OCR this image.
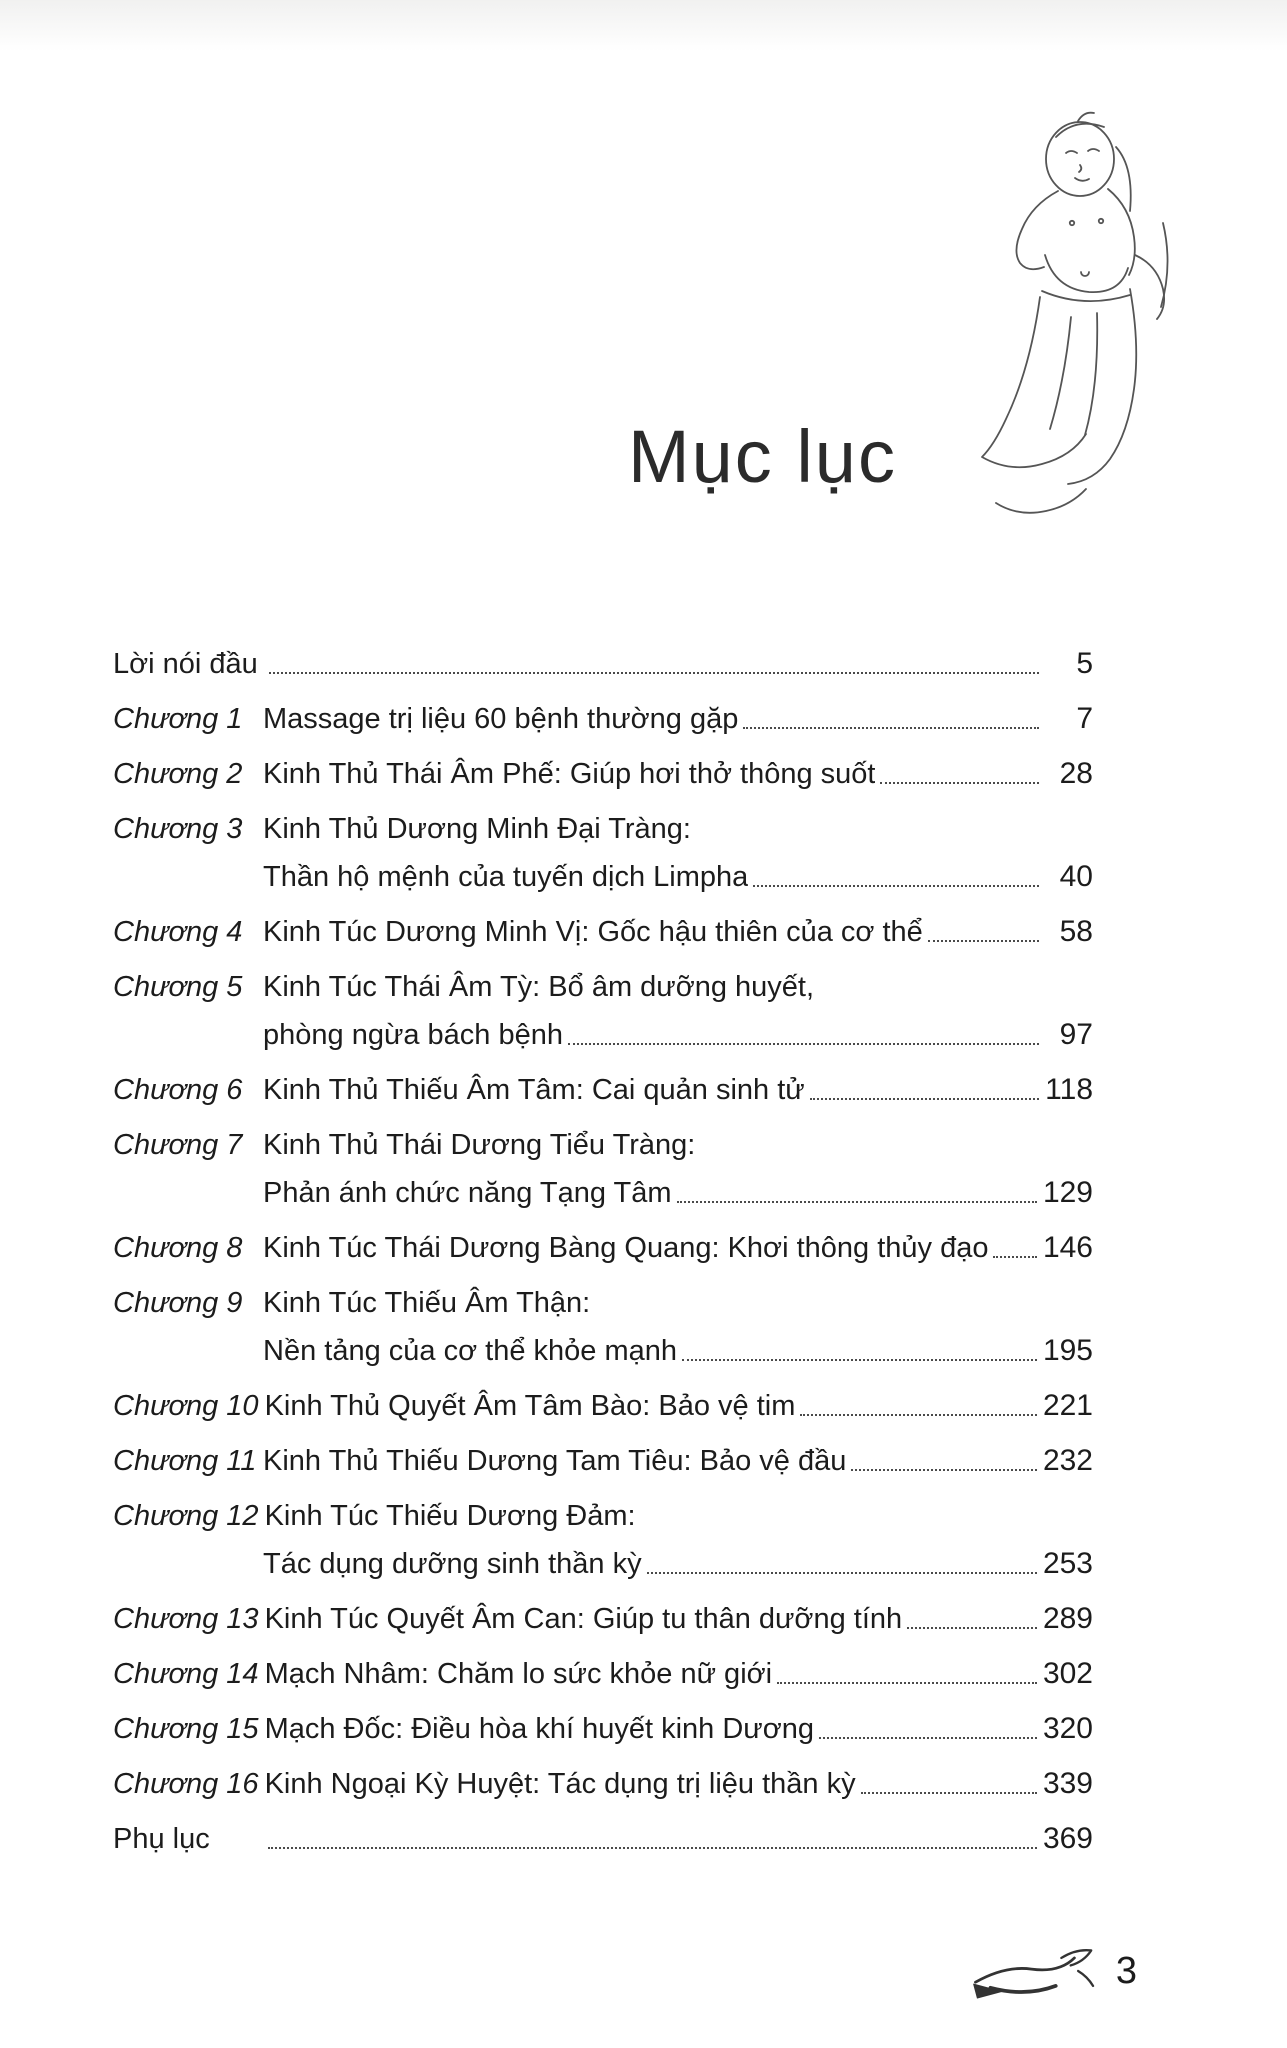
Mục lục
Lời nói đầu	5
Chương 1 Massage trị liệu 60 bệnh thường gặp	7
Chương 2 Kinh Thủ Thái Âm Phế: Giúp hơi thở thông suốt	28
Chương 3 Kinh Thủ Dương Minh Đại Tràng:
Thần hộ mệnh của tuyến dịch Limpha	40
Chương 4 Kinh Túc Dương Minh Vị: Gốc hậu thiên của cơ thể	58
Chương 5 Kinh Túc Thái Âm Tỳ: Bổ âm dưỡng huyết,
phòng ngừa bách bệnh	97
Chương 6 Kinh Thủ Thiếu Âm Tâm: Cai quản sinh tử	118
Chương 7 Kinh Thủ Thái Dương Tiểu Tràng:
Phản ánh chức năng Tạng Tâm	129
Chương 8 Kinh Túc Thái Dương Bàng Quang: Khơi thông thủy đạo 146
Chương 9 Kinh Túc Thiếu Âm Thận:
Nền tảng của cơ thể khỏe mạnh	195
Chương 10 Kinh Thủ Quyết Âm Tâm Bào: Bảo vệ tim	221
Chương 11 Kinh Thủ Thiếu Dương Tam Tiêu: Bảo vệ đầu	232
Chương 12 Kinh Túc Thiếu Dương Đảm:
Tác dụng dưỡng sinh thần kỳ	253
Chương 13 Kinh Túc Quyết Âm Can: Giúp tu thân dưỡng tính	289
Chương 14 Mạch Nhâm: Chăm lo sức khỏe nữ giới	302
Chương 15 Mạch Đốc: Điều hòa khí huyết kinh Dương	320
Chương 16 Kinh Ngoại Kỳ Huyệt: Tác dụng trị liệu thần kỳ	339
Phụ lục	369
3
